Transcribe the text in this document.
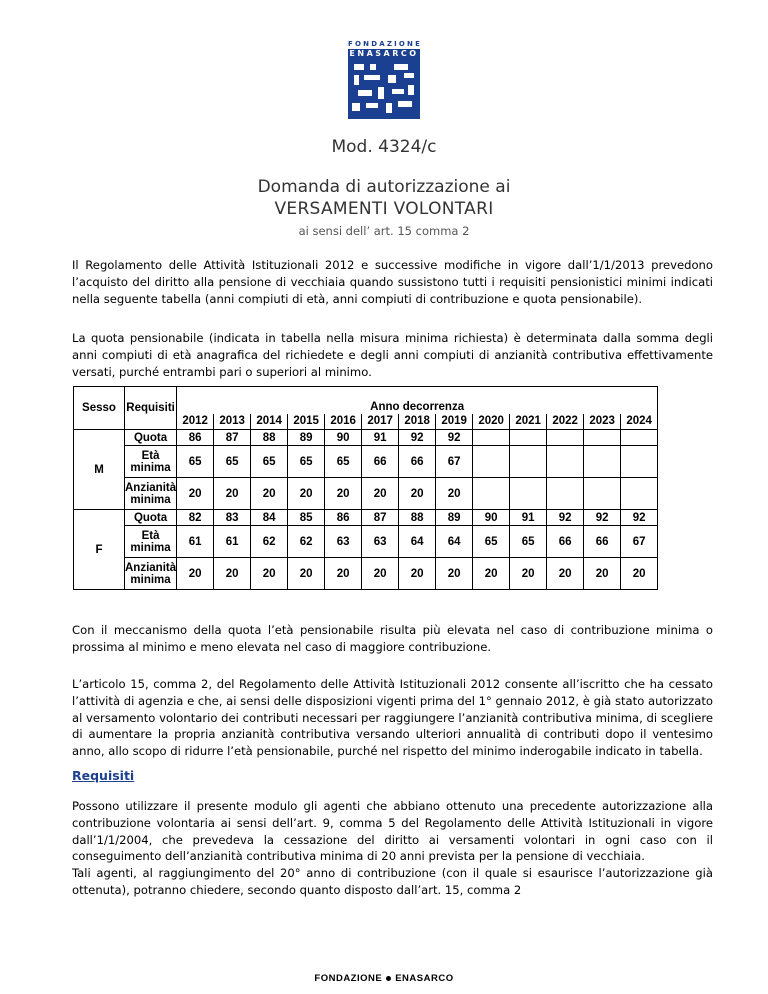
FONDAZIONE
ENASARCO
Mod. 4324/c
Domanda di autorizzazione ai
VERSAMENTI VOLONTARI
ai sensi dell’ art. 15 comma 2

Il Regolamento delle Attività Istituzionali 2012 e successive modifiche in vigore dall’1/1/2013 prevedono l’acquisto del diritto alla pensione di vecchiaia quando sussistono tutti i requisiti pensionistici minimi indicati nella seguente tabella (anni compiuti di età, anni compiuti di contribuzione e quota pensionabile).

La quota pensionabile (indicata in tabella nella misura minima richiesta) è determinata dalla somma degli anni compiuti di età anagrafica del richiedete e degli anni compiuti di anzianità contributiva effettivamente versati, purché entrambi pari o superiori al minimo.

Sesso	Requisiti	Anno decorrenza												
		2012	2013	2014	2015	2016	2017	2018	2019	2020	2021	2022	2023	2024
M	Quota	86	87	88	89	90	91	92	92					
	Età minima	65	65	65	65	65	66	66	67					
	Anzianità minima	20	20	20	20	20	20	20	20					
F	Quota	82	83	84	85	86	87	88	89	90	91	92	92	92
	Età minima	61	61	62	62	63	63	64	64	65	65	66	66	67
	Anzianità minima	20	20	20	20	20	20	20	20	20	20	20	20	20

Con il meccanismo della quota l’età pensionabile risulta più elevata nel caso di contribuzione minima o prossima al minimo e meno elevata nel caso di maggiore contribuzione.

L’articolo 15, comma 2, del Regolamento delle Attività Istituzionali 2012 consente all’iscritto che ha cessato l’attività di agenzia e che, ai sensi delle disposizioni vigenti prima del 1° gennaio 2012, è già stato autorizzato al versamento volontario dei contributi necessari per raggiungere l’anzianità contributiva minima, di scegliere di aumentare la propria anzianità contributiva versando ulteriori annualità di contributi dopo il ventesimo anno, allo scopo di ridurre l’età pensionabile, purché nel rispetto del minimo inderogabile indicato in tabella.

Requisiti
Possono utilizzare il presente modulo gli agenti che abbiano ottenuto una precedente autorizzazione alla contribuzione volontaria ai sensi dell’art. 9, comma 5 del Regolamento delle Attività Istituzionali in vigore dall’1/1/2004, che prevedeva la cessazione del diritto ai versamenti volontari in ogni caso con il conseguimento dell’anzianità contributiva minima di 20 anni prevista per la pensione di vecchiaia.
Tali agenti, al raggiungimento del 20° anno di contribuzione (con il quale si esaurisce l’autorizzazione già ottenuta), potranno chiedere, secondo quanto disposto dall’art. 15, comma 2
FONDAZIONE ENASARCO
